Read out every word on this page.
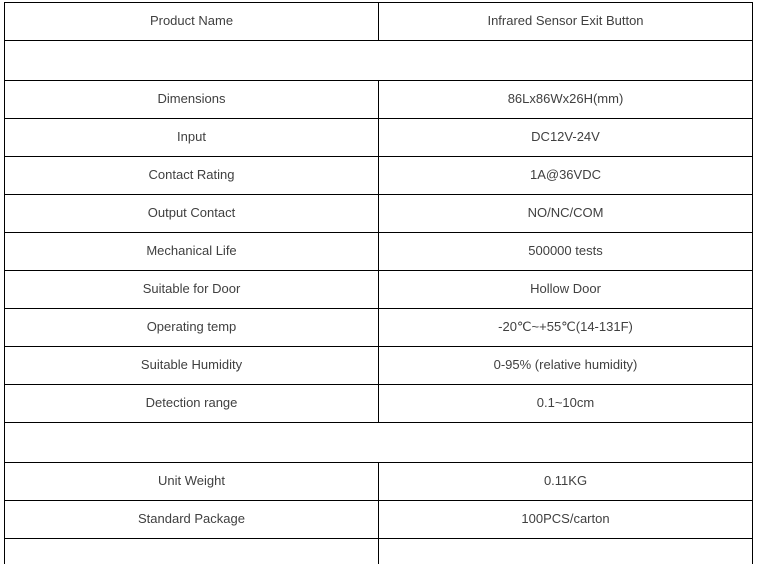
Product Name	Infrared Sensor Exit Button

Dimensions	86Lx86Wx26H(mm)
Input	DC12V-24V
Contact Rating	1A@36VDC
Output Contact	NO/NC/COM
Mechanical Life	500000 tests
Suitable for Door	Hollow Door
Operating temp	-20℃~+55℃(14-131F)
Suitable Humidity	0-95% (relative humidity)
Detection range	0.1~10cm

Unit Weight	0.11KG
Standard Package	100PCS/carton
